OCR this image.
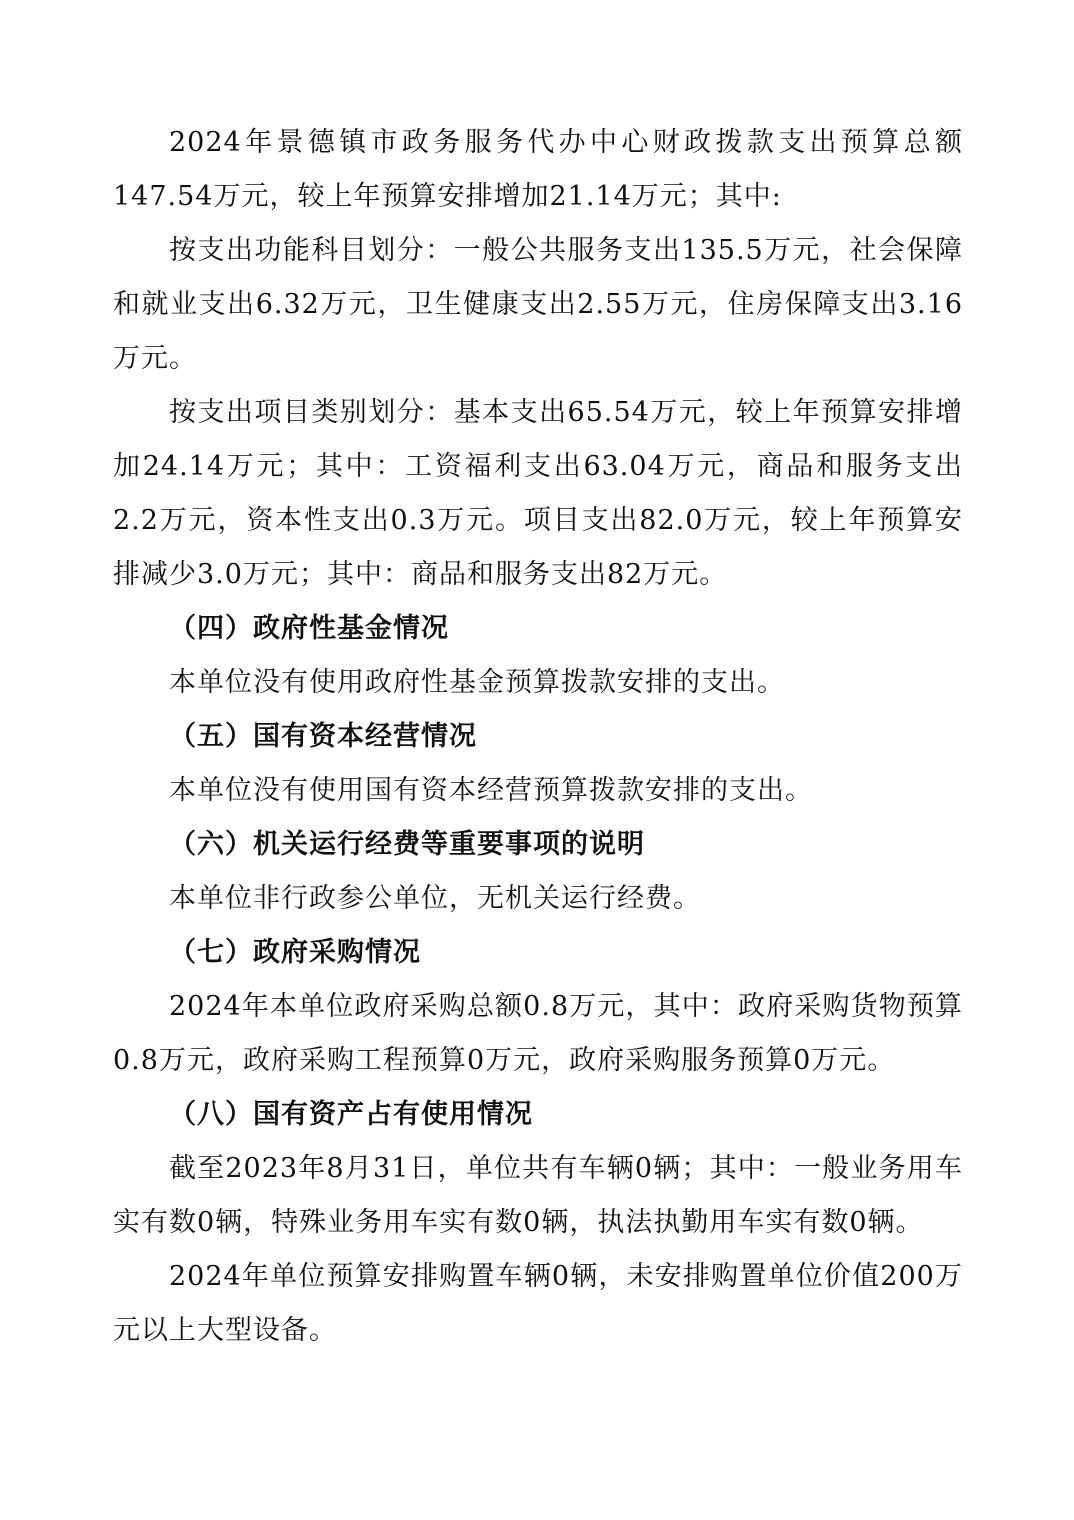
2024年景德镇市政务服务代办中心财政拨款支出预算总额147.54万元，较上年预算安排增加21.14万元；其中:

按支出功能科目划分：一般公共服务支出135.5万元，社会保障和就业支出6.32万元，卫生健康支出2.55万元，住房保障支出3.16万元。

按支出项目类别划分：基本支出65.54万元，较上年预算安排增加24.14万元；其中：工资福利支出63.04万元，商品和服务支出2.2万元，资本性支出0.3万元。项目支出82.0万元，较上年预算安排减少3.0万元；其中：商品和服务支出82万元。

（四）政府性基金情况

本单位没有使用政府性基金预算拨款安排的支出。

（五）国有资本经营情况

本单位没有使用国有资本经营预算拨款安排的支出。

（六）机关运行经费等重要事项的说明

本单位非行政参公单位，无机关运行经费。

（七）政府采购情况

2024年本单位政府采购总额0.8万元，其中：政府采购货物预算0.8万元，政府采购工程预算0万元，政府采购服务预算0万元。

（八）国有资产占有使用情况

截至2023年8月31日，单位共有车辆0辆；其中：一般业务用车实有数0辆，特殊业务用车实有数0辆，执法执勤用车实有数0辆。

2024年单位预算安排购置车辆0辆，未安排购置单位价值200万元以上大型设备。
